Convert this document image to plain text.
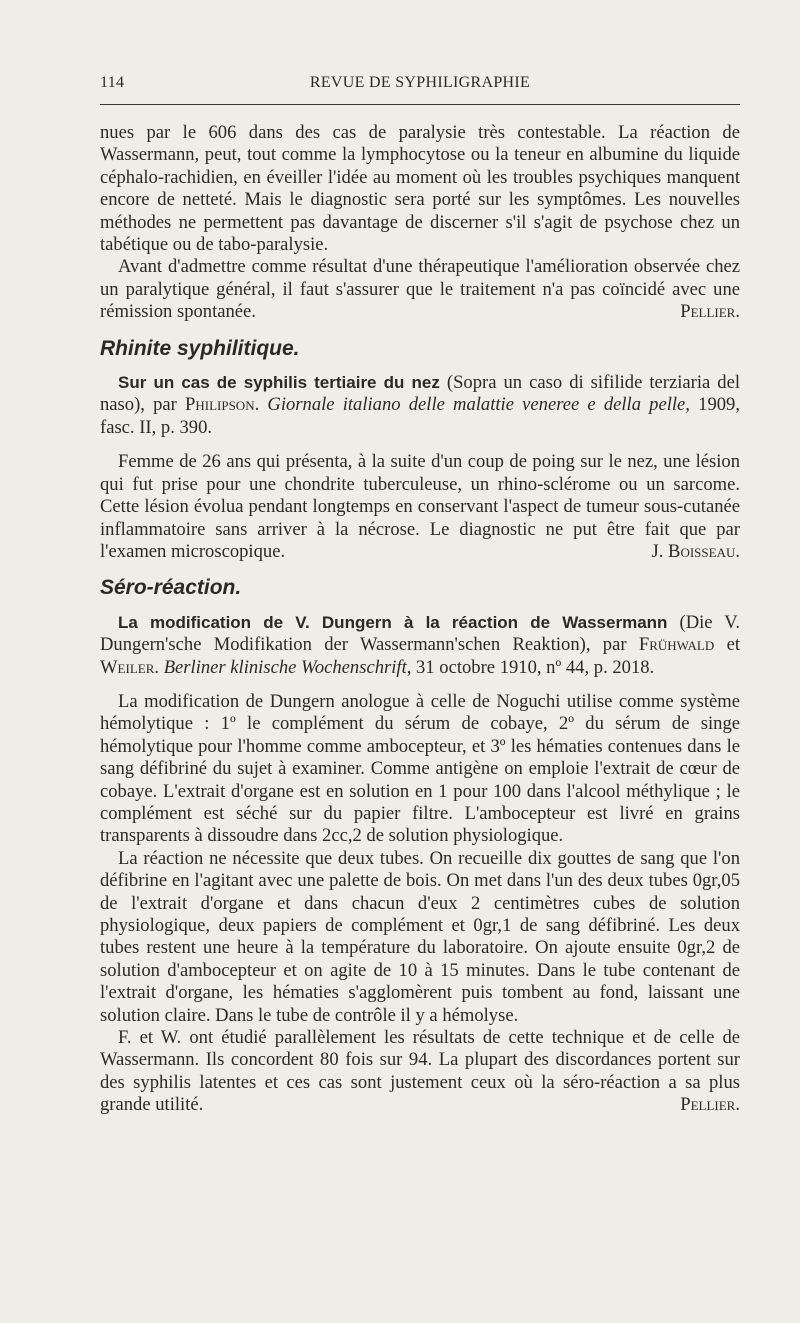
114	REVUE DE SYPHILIGRAPHIE

nues par le 606 dans des cas de paralysie très contestable. La réaction de Wassermann, peut, tout comme la lymphocytose ou la teneur en albumine du liquide céphalo-rachidien, en éveiller l'idée au moment où les troubles psychiques manquent encore de netteté. Mais le diagnostic sera porté sur les symptômes. Les nouvelles méthodes ne permettent pas davantage de discerner s'il s'agit de psychose chez un tabétique ou de tabo-paralysie.

Avant d'admettre comme résultat d'une thérapeutique l'amélioration observée chez un paralytique général, il faut s'assurer que le traitement n'a pas coïncidé avec une rémission spontanée.	Pellier.

Rhinite syphilitique.

Sur un cas de syphilis tertiaire du nez (Sopra un caso di sifilide terziaria del naso), par Philipson. Giornale italiano delle malattie veneree e della pelle, 1909, fasc. II, p. 390.

Femme de 26 ans qui présenta, à la suite d'un coup de poing sur le nez, une lésion qui fut prise pour une chondrite tuberculeuse, un rhino-sclérome ou un sarcome. Cette lésion évolua pendant longtemps en conservant l'aspect de tumeur sous-cutanée inflammatoire sans arriver à la nécrose. Le diagnostic ne put être fait que par l'examen microscopique.	J. Boisseau.

Séro-réaction.

La modification de V. Dungern à la réaction de Wassermann (Die V. Dungern'sche Modifikation der Wassermann'schen Reaktion), par Frühwald et Weiler. Berliner klinische Wochenschrift, 31 octobre 1910, nº 44, p. 2018.

La modification de Dungern anologue à celle de Noguchi utilise comme système hémolytique : 1º le complément du sérum de cobaye, 2º du sérum de singe hémolytique pour l'homme comme ambocepteur, et 3º les hématies contenues dans le sang défibriné du sujet à examiner. Comme antigène on emploie l'extrait de cœur de cobaye. L'extrait d'organe est en solution en 1 pour 100 dans l'alcool méthylique ; le complément est séché sur du papier filtre. L'ambocepteur est livré en grains transparents à dissoudre dans 2cc,2 de solution physiologique.

La réaction ne nécessite que deux tubes. On recueille dix gouttes de sang que l'on défibrine en l'agitant avec une palette de bois. On met dans l'un des deux tubes 0gr,05 de l'extrait d'organe et dans chacun d'eux 2 centimètres cubes de solution physiologique, deux papiers de complément et 0gr,1 de sang défibriné. Les deux tubes restent une heure à la température du laboratoire. On ajoute ensuite 0gr,2 de solution d'ambocepteur et on agite de 10 à 15 minutes. Dans le tube contenant de l'extrait d'organe, les hématies s'agglomèrent puis tombent au fond, laissant une solution claire. Dans le tube de contrôle il y a hémolyse.

F. et W. ont étudié parallèlement les résultats de cette technique et de celle de Wassermann. Ils concordent 80 fois sur 94. La plupart des discordances portent sur des syphilis latentes et ces cas sont justement ceux où la séro-réaction a sa plus grande utilité.	Pellier.
